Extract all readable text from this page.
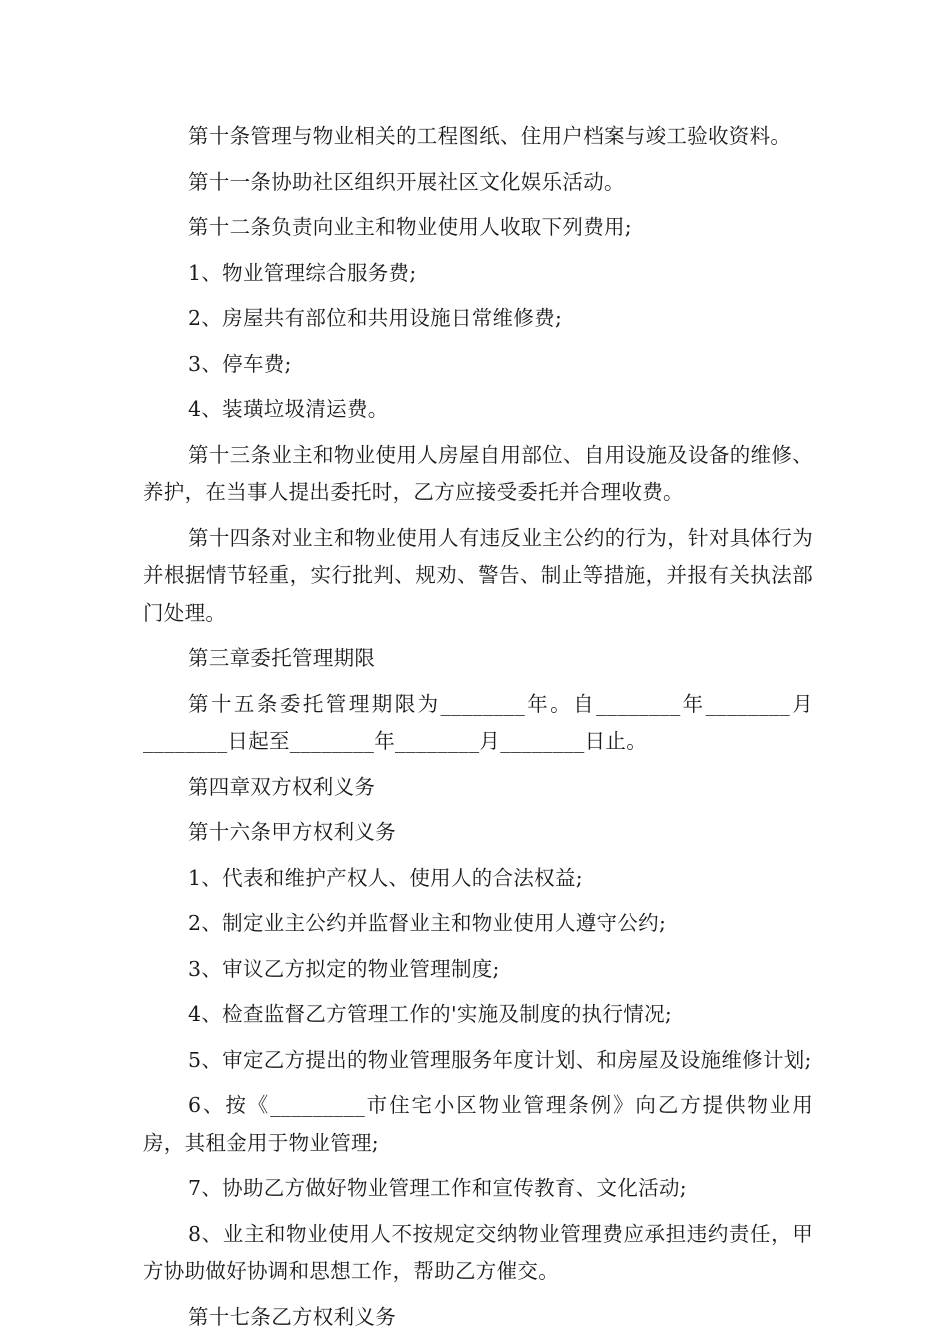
第十条管理与物业相关的工程图纸、住用户档案与竣工验收资料。

第十一条协助社区组织开展社区文化娱乐活动。

第十二条负责向业主和物业使用人收取下列费用;

1、物业管理综合服务费;

2、房屋共有部位和共用设施日常维修费;

3、停车费;

4、装璜垃圾清运费。

第十三条业主和物业使用人房屋自用部位、自用设施及设备的维修、养护，在当事人提出委托时，乙方应接受委托并合理收费。

第十四条对业主和物业使用人有违反业主公约的行为，针对具体行为并根据情节轻重，实行批判、规劝、警告、制止等措施，并报有关执法部门处理。

第三章委托管理期限

第十五条委托管理期限为________年。自________年________月________日起至________年________月________日止。

第四章双方权利义务

第十六条甲方权利义务

1、代表和维护产权人、使用人的合法权益;

2、制定业主公约并监督业主和物业使用人遵守公约;

3、审议乙方拟定的物业管理制度;

4、检查监督乙方管理工作的'实施及制度的执行情况;

5、审定乙方提出的物业管理服务年度计划、和房屋及设施维修计划;

6、按《_________市住宅小区物业管理条例》向乙方提供物业用房，其租金用于物业管理;

7、协助乙方做好物业管理工作和宣传教育、文化活动;

8、业主和物业使用人不按规定交纳物业管理费应承担违约责任，甲方协助做好协调和思想工作，帮助乙方催交。

第十七条乙方权利义务
